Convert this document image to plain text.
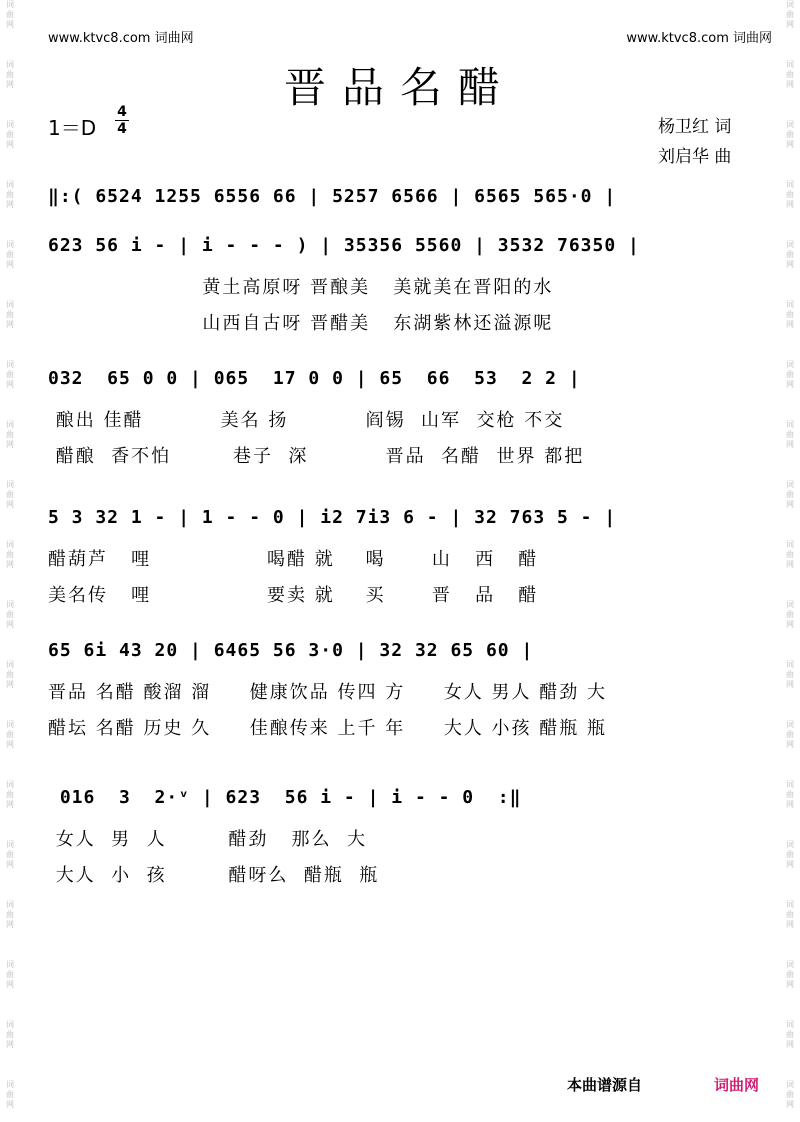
词
曲
网
词
曲
网
词
曲
网
词
曲
网
词
曲
网
词
曲
网
词
曲
网
词
曲
网
词
曲
网
词
曲
网
词
曲
网
词
曲
网
词
曲
网
词
曲
网
词
曲
网
词
曲
网
词
曲
网
词
曲
网
词
曲
网
词
曲
网
词
曲
网
词
曲
网
词
曲
网
词
曲
网
词
曲
网
词
曲
网
词
曲
网
词
曲
网
词
曲
网
词
曲
网
词
曲
网
词
曲
网
词
曲
网
词
曲
网
词
曲
网
词
曲
网
词
曲
网
词
曲
网
www.ktvc8.com 词曲网	www.ktvc8.com 词曲网
晋品名醋
1＝D
4
4	杨卫红 词
刘启华 曲
‖:( 6524 1255 6556 66 | 5257 6566 | 6565 565·0 |
623 56 i - | i - - - ) | 35356 5560 | 3532 76350 |
黄土高原呀 晋酿美   美就美在晋阳的水
山西自古呀 晋醋美   东湖紫林还溢源呢
032  65 0 0 | 065  17 0 0 | 65  66  53  2 2 |
酿出 佳醋          美名 扬          阎锡  山军  交枪 不交
醋酿  香不怕        巷子  深          晋品  名醋  世界 都把
5 3 32 1 - | 1 - - 0 | i2 7i3 6 - | 32 763 5 - |
醋葫芦   哩               喝醋 就    喝      山   西   醋
美名传   哩               要卖 就    买      晋   品   醋
65 6i 43 20 | 6465 56 3·0 | 32 32 65 60 |
晋品 名醋 酸溜 溜     健康饮品 传四 方     女人 男人 醋劲 大
醋坛 名醋 历史 久     佳酿传来 上千 年     大人 小孩 醋瓶 瓶
016  3  2·ᵛ | 623  56 i - | i - - 0  :‖
女人  男  人        醋劲   那么  大
大人  小  孩        醋呀么  醋瓶  瓶
本曲谱源自	词曲网
